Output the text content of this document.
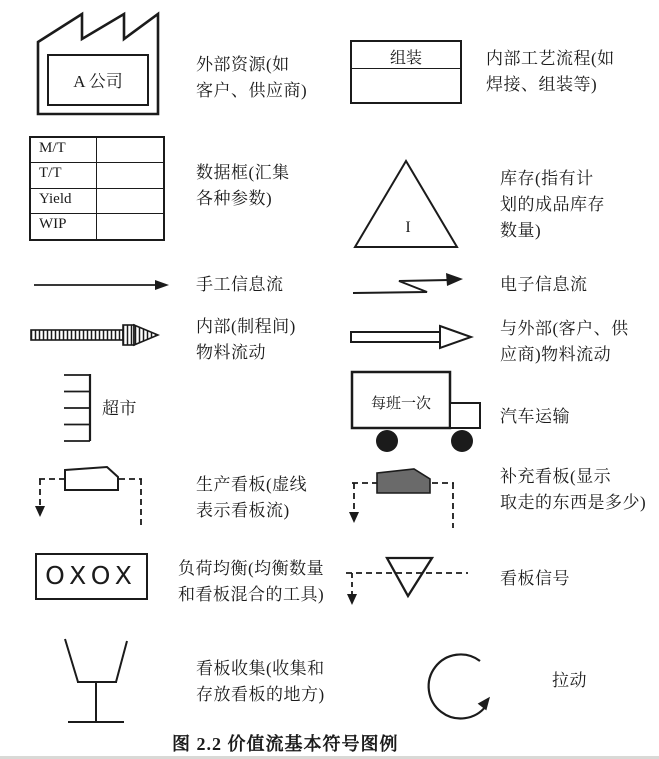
A 公司
外部资源(如
客户、供应商)
组装	内部工艺流程(如
焊接、组装等)
M/T
T/T
Yield
WIP
数据框(汇集
各种参数)
I
库存(指有计
划的成品库存
数量)
手工信息流	电子信息流
内部(制程间)
物料流动
与外部(客户、供
应商)物料流动
超市	每班一次
汽车运输
生产看板(虚线
表示看板流)
补充看板(显示
取走的东西是多少)
OXOX	负荷均衡(均衡数量
和看板混合的工具)
看板信号
看板收集(收集和
存放看板的地方)
拉动
图 2.2 价值流基本符号图例
